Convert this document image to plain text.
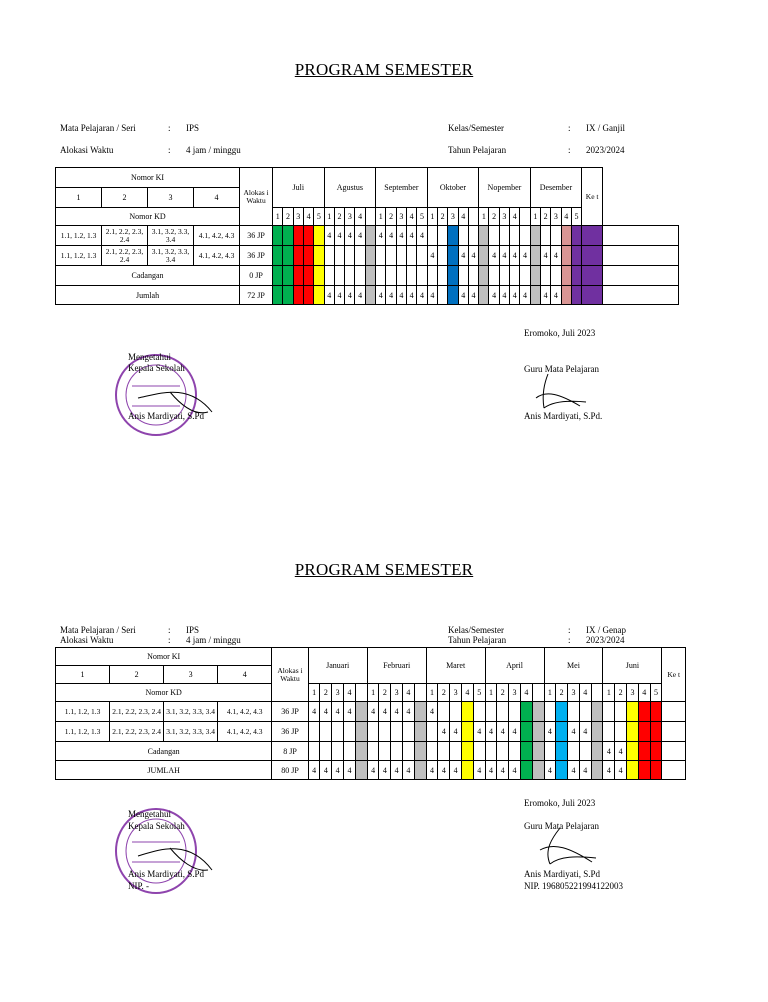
PROGRAM SEMESTER
Mata Pelajaran / Seri	: IPS
Alokasi Waktu	: 4 jam / minggu
Kelas/Semester	: IX / Ganjil
Tahun Pelajaran	: 2023/2024
Nomor KI				Alokas i Waktu	Juli					Agustus					September					Oktober					Nopember					Desember					Ke t	
1	2	3	4																																	
Nomor KD					1	2	3	4	5	1	2	3	4		1	2	3	4	5	1	2	3	4		1	2	3	4		1	2	3	4	5		
1.1, 1.2, 1.3	2.1, 2.2, 2.3, 2.4	3.1, 3.2, 3.3, 3.4	4.1, 4.2, 4.3	36 JP						4	4	4	4		4	4	4	4	4																	
1.1, 1.2, 1.3	2.1, 2.2, 2.3, 2.4	3.1, 3.2, 3.3, 3.4	4.1, 4.2, 4.3	36 JP																4			4	4		4	4	4	4		4	4				
Cadangan				0 JP																																
Jumlah				72 JP						4	4	4	4		4	4	4	4	4	4			4	4		4	4	4	4		4	4				
Eromoko, Juli 2023
Guru Mata Pelajaran
Anis Mardiyati, S.Pd.
Mengetahui
Kepala Sekolah
Anis Mardiyati, S.Pd
PROGRAM SEMESTER
Mata Pelajaran / Seri	: IPS
Alokasi Waktu	: 4 jam / minggu
Kelas/Semester	: IX / Genap
Tahun Pelajaran	: 2023/2024
Nomor KI				Alokas i Waktu	Januari					Februari					Maret					April					Mei					Juni					Ke t
1	2	3	4																																
Nomor KD					1	2	3	4		1	2	3	4		1	2	3	4	5	1	2	3	4		1	2	3	4		1	2	3	4	5	
1.1, 1.2, 1.3	2.1, 2.2, 2.3, 2.4	3.1, 3.2, 3.3, 3.4	4.1, 4.2, 4.3	36 JP	4	4	4	4		4	4	4	4		4																				
1.1, 1.2, 1.3	2.1, 2.2, 2.3, 2.4	3.1, 3.2, 3.3, 3.4	4.1, 4.2, 4.3	36 JP												4	4		4	4	4	4			4		4	4							
Cadangan				8 JP																										4	4				
JUMLAH				80 JP	4	4	4	4		4	4	4	4		4	4	4		4	4	4	4			4		4	4		4	4				
Eromoko, Juli 2023
Guru Mata Pelajaran
Anis Mardiyati, S.Pd
NIP. 196805221994122003
Mengetahui
Kepala Sekolah
Anis Mardiyati, S.Pd
NIP. -
